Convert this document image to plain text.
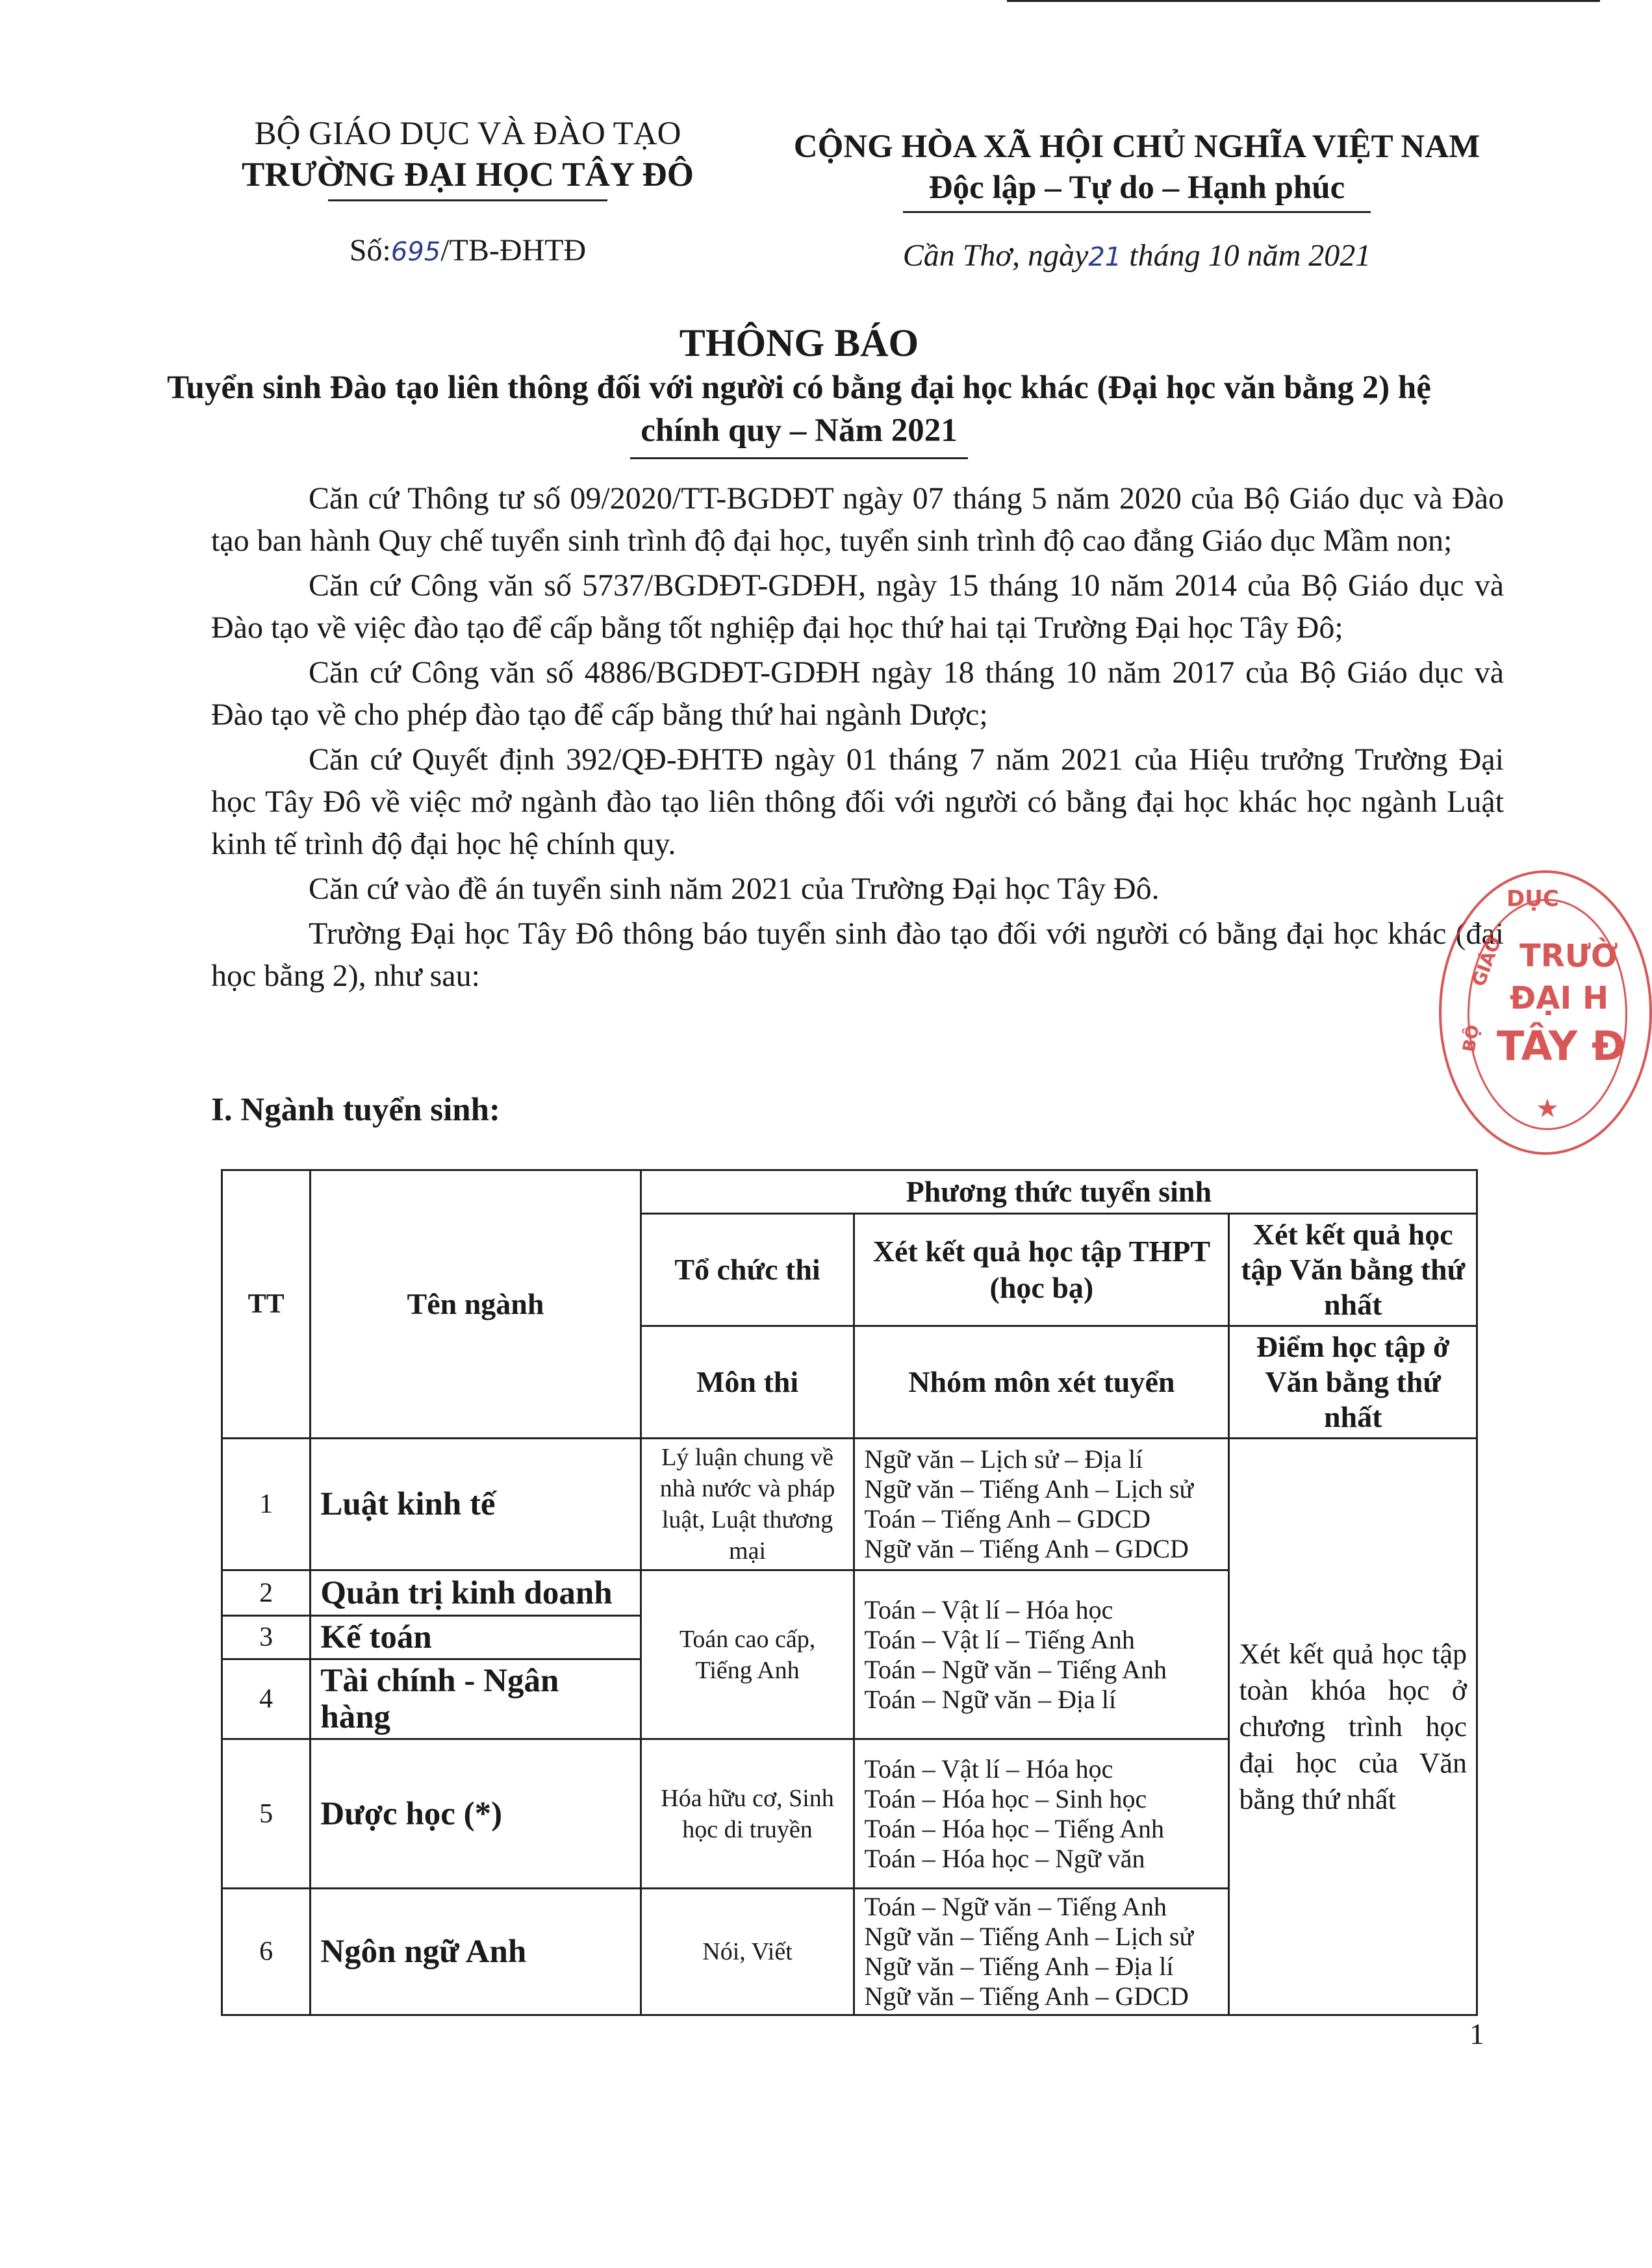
BỘ GIÁO DỤC VÀ ĐÀO TẠO
TRƯỜNG ĐẠI HỌC TÂY ĐÔ
Số:695/TB-ĐHTĐ
CỘNG HÒA XÃ HỘI CHỦ NGHĨA VIỆT NAM
Độc lập – Tự do – Hạnh phúc
Cần Thơ, ngày21 tháng 10 năm 2021
THÔNG BÁO
Tuyển sinh Đào tạo liên thông đối với người có bằng đại học khác (Đại học văn bằng 2) hệ chính quy – Năm 2021

Căn cứ Thông tư số 09/2020/TT-BGDĐT ngày 07 tháng 5 năm 2020 của Bộ Giáo dục và Đào tạo ban hành Quy chế tuyển sinh trình độ đại học, tuyển sinh trình độ cao đẳng Giáo dục Mầm non;

Căn cứ Công văn số 5737/BGDĐT-GDĐH, ngày 15 tháng 10 năm 2014 của Bộ Giáo dục và Đào tạo về việc đào tạo để cấp bằng tốt nghiệp đại học thứ hai tại Trường Đại học Tây Đô;

Căn cứ Công văn số 4886/BGDĐT-GDĐH ngày 18 tháng 10 năm 2017 của Bộ Giáo dục và Đào tạo về cho phép đào tạo để cấp bằng thứ hai ngành Dược;

Căn cứ Quyết định 392/QĐ-ĐHTĐ ngày 01 tháng 7 năm 2021 của Hiệu trưởng Trường Đại học Tây Đô về việc mở ngành đào tạo liên thông đối với người có bằng đại học khác học ngành Luật kinh tế trình độ đại học hệ chính quy.

Căn cứ vào đề án tuyển sinh năm 2021 của Trường Đại học Tây Đô.

Trường Đại học Tây Đô thông báo tuyển sinh đào tạo đối với người có bằng đại học khác (đại học bằng 2), như sau:

DỤC
TRƯỜ
ĐẠI H
TÂY Đ
GIÁO
BỘ
★
I. Ngành tuyển sinh:
TT	Tên ngành	Phương thức tuyển sinh		
		Tổ chức thi	Xét kết quả học tập THPT (học bạ)	Xét kết quả học tập Văn bằng thứ nhất
		Môn thi	Nhóm môn xét tuyển	Điểm học tập ở Văn bằng thứ nhất
1	Luật kinh tế	Lý luận chung về nhà nước và pháp luật, Luật thương mại	Ngữ văn – Lịch sử – Địa lí
Ngữ văn – Tiếng Anh – Lịch sử
Toán – Tiếng Anh – GDCD
Ngữ văn – Tiếng Anh – GDCD	Xét kết quả học tập toàn khóa học ở chương trình học đại học của Văn bằng thứ nhất
2	Quản trị kinh doanh	Toán cao cấp, Tiếng Anh	Toán – Vật lí – Hóa học
Toán – Vật lí – Tiếng Anh
Toán – Ngữ văn – Tiếng Anh
Toán – Ngữ văn – Địa lí	

3	Kế toán			
4	Tài chính - Ngân hàng			
5	Dược học (*)	Hóa hữu cơ, Sinh học di truyền	Toán – Vật lí – Hóa học
Toán – Hóa học – Sinh học
Toán – Hóa học – Tiếng Anh
Toán – Hóa học – Ngữ văn	

6	Ngôn ngữ Anh	Nói, Viết	Toán – Ngữ văn – Tiếng Anh
Ngữ văn – Tiếng Anh – Lịch sử
Ngữ văn – Tiếng Anh – Địa lí
Ngữ văn – Tiếng Anh – GDCD	
1
